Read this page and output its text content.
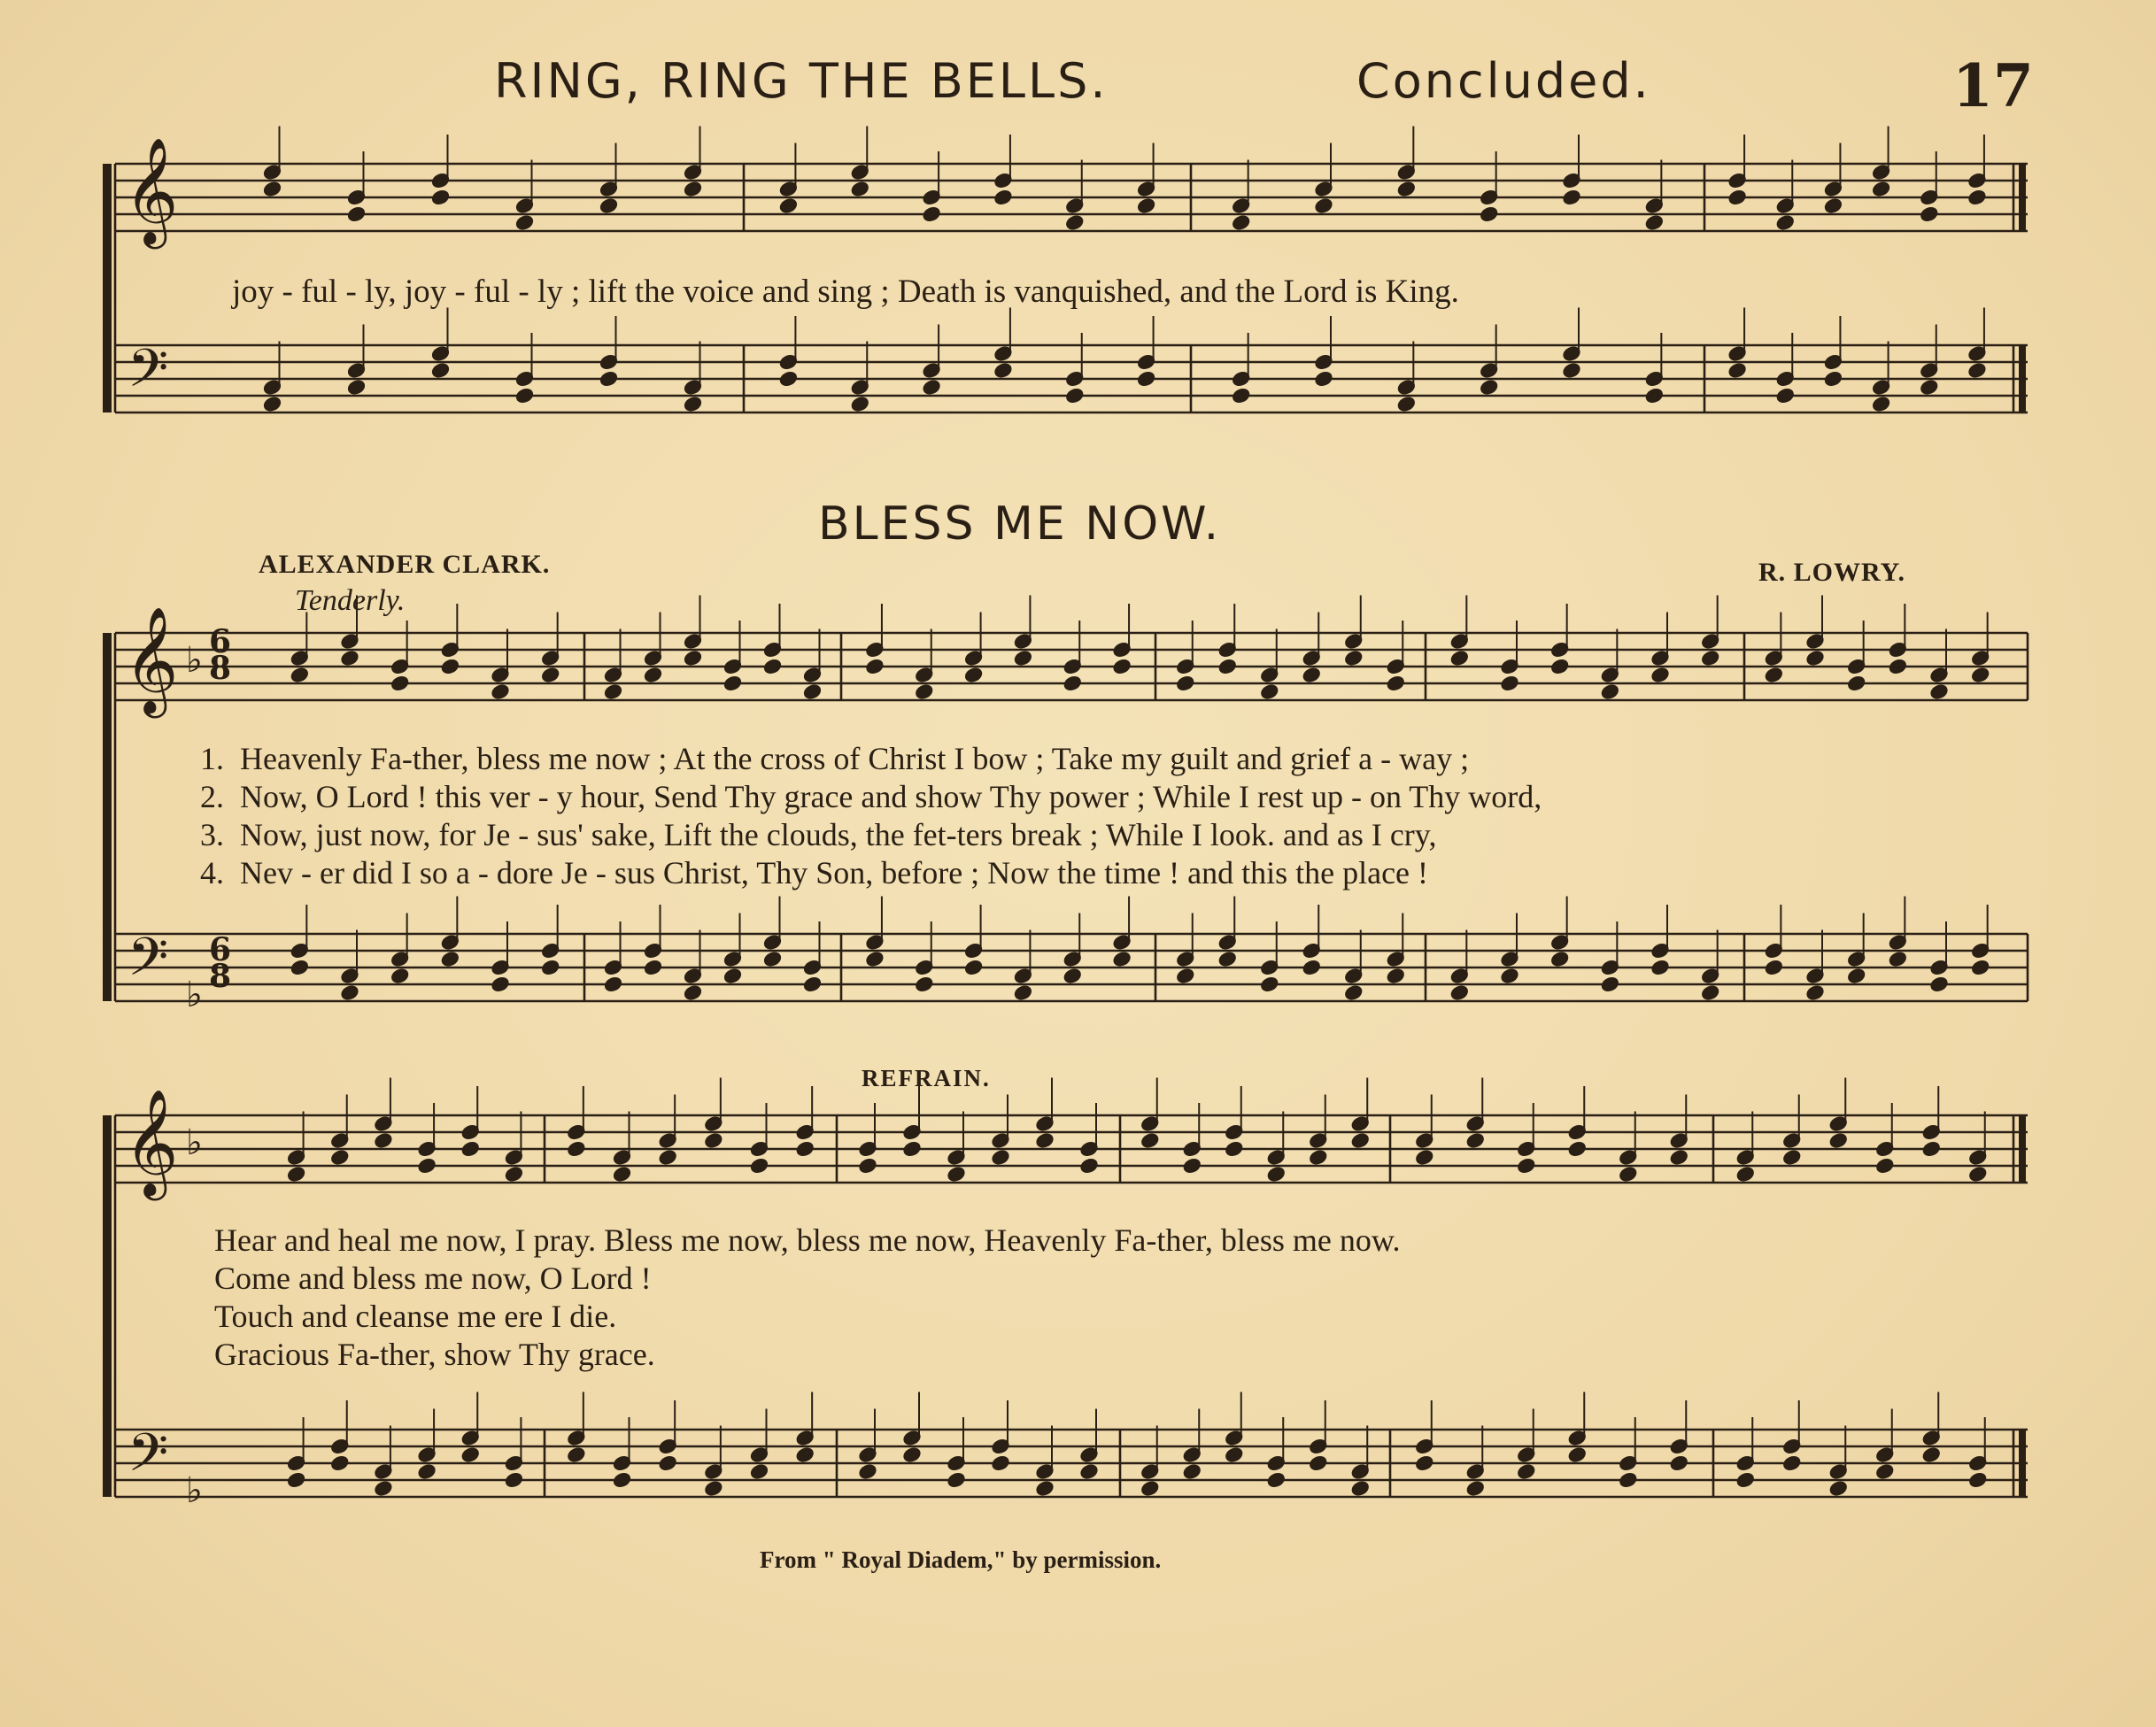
RING, RING THE BELLS.	Concluded.	17
𝄞
𝄢
𝄞
𝄢
♭
♭
𝄞
𝄢
♭
♭
joy - ful - ly, joy - ful - ly ; lift the voice and sing ; Death is vanquished, and the Lord is King.
BLESS ME NOW.
ALEXANDER CLARK.	R. LOWRY.
Tenderly.
6
8
6
8
1. Heavenly Fa-ther, bless me now ; At the cross of Christ I bow ; Take my guilt and grief a - way ;
2. Now, O Lord ! this ver - y hour, Send Thy grace and show Thy power ; While I rest up - on Thy word,
3. Now, just now, for Je - sus' sake, Lift the clouds, the fet-ters break ; While I look. and as I cry,
4. Nev - er did I so a - dore Je - sus Christ, Thy Son, before ; Now the time ! and this the place !
REFRAIN.
Hear and heal me now, I pray. Bless me now, bless me now, Heavenly Fa-ther, bless me now.
Come and bless me now, O Lord !
Touch and cleanse me ere I die.
Gracious Fa-ther, show Thy grace.
From " Royal Diadem," by permission.
